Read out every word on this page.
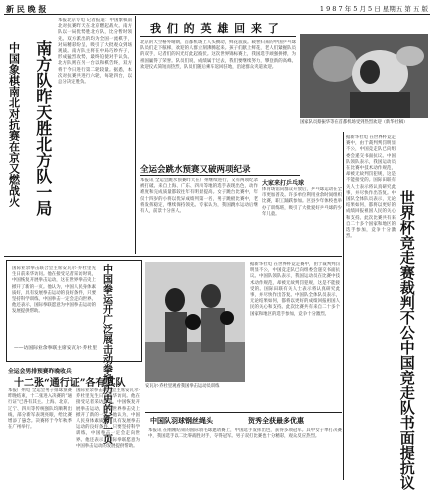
新 民 晚 报	1 9 8 7 年 5 月 5 日 星期五 第 五 版
南方队昨天胜北方队一局
中国象棋南北对抗赛在京又燃战火
本报北京专电 记者报道：中国象棋南北对抗赛昨天在北京燃起战火。南方队以一局优势胜北方队，比分暂时领先。双方派出的均为全国一流棋手，对局精彩纷呈，吸引了大批观众到场观战。南方队主将在中局巧妙弃子，形成猛烈攻势，最终迫使对手认负。北方队则在另一台以和棋告终，双方将于今日进行第二轮较量。据悉，本次对抗赛共进行六轮，每轮四台，以总分决定胜负。
我 们 的 英 雄 回 来 了
北京的天空格外晴朗，首都机场上人头攒动，鲜花簇簇。载誉归来的中国乒乓球队员们走下舷梯，欢迎的人群立刻沸腾起来。孩子们献上鲜花，老人们紧握队员的双手，记者们的闪光灯此起彼伏。这次世界锦标赛上，我国选手顽强拼搏，为祖国赢得了荣誉。队员们说，成绩属于过去，我们要继续努力，攀登新的高峰。欢迎仪式简短而热烈，队员们随后乘车返回驻地，沿途群众夹道欢迎。
国家队员蔡振华等在首都机场受到热烈欢迎（新华社稿）
全运会跳水预赛又破两项纪录
本报讯 全运会跳水预赛昨天在广州继续进行，又有两项纪录被打破。来自上海、广东、四川等地的选手表现出色，动作难度和完成质量都较往年有明显提高。女子跳台比赛中，年仅十四岁的小将以优异成绩列第一名，男子跳板比赛中，老将发挥稳定，继续保持领先。专家认为，我国跳水运动后继有人，前景十分喜人。
大家来打乒乓球
体育场馆向群众开放后，乒乓球运动在全市更加普及。许多单位利用业余时间组织比赛，职工踊跃参加。区县少年体校也举办了训练班，吸引了大批爱好乒乓球的少年儿童。	世界杯竞走赛裁判不公中国竞走队书面提抗议
据新华社电 在世界杯竞走赛中，由于裁判判罚明显不公，中国竞走队已向组委会递交书面抗议。中国队领队表示，我国运动员在比赛中技术动作规范，却被无故判罚犯规，这是不能接受的。国际田联有关人士表示将认真研究此事，并尽快作出答复。中国队全体队员表示，无论结果如何，都将以更好的成绩回报祖国人民的关心和支持。此次比赛共有来自二十多个国家和地区的选手参加，竞争十分激烈。
中国拳运开广泛展击动拳掀历史的新一页
——访国际业余拳联主席安瓦尔·乔杜里
国际业余拳击联合会主席安瓦尔·乔杜里先生日前来华访问。他在接受记者采访时说，中国恢复开展拳击运动，这在世界拳击史上掀开了新的一页。他认为，中国人民身体素质好，具有发展拳击运动的良好条件，只要坚持科学训练，中国拳击一定会走向世界。他还表示，国际拳联愿意为中国拳击运动的发展提供帮助。
安瓦尔·乔杜里观看我国拳击运动员训练
据新华社电 在世界杯竞走赛中，由于裁判判罚明显不公，中国竞走队已向组委会递交书面抗议。中国队领队表示，我国运动员在比赛中技术动作规范，却被无故判罚犯规，这是不能接受的。国际田联有关人士表示将认真研究此事，并尽快作出答复。中国队全体队员表示，无论结果如何，都将以更好的成绩回报祖国人民的关心和支持。此次比赛共有来自二十多个国家和地区的选手参加，竞争十分激烈。
全运会男排预赛昨晚收兵
十二张“通行证”各有其队
本报广州电 全运会男子排球预赛昨晚结束，十二张进入决赛的“通行证”已各有其主。上海、北京、辽宁、四川等传统强队均顺利出线，部分新军表现亮眼，给比赛增添了悬念。决赛将于今年秋季在广州举行。
国际业余拳击联合会主席安瓦尔·乔杜里先生日前来华访问。他在接受记者采访时说，中国恢复开展拳击运动，这在世界拳击史上掀开了新的一页。他认为，中国人民身体素质好，具有发展拳击运动的良好条件，只要坚持科学训练，中国拳击一定会走向世界。他还表示，国际拳联愿意为中国拳击运动的发展提供帮助。
中国队羽球钢丝绳头	贺秀全获最多优惠
本报讯 在刚刚结束的国际羽毛球邀请赛上，中国选手发挥出色，获得多项冠军。其中女子单打决赛中，我国选手以二比零战胜对手，夺得冠军。男子双打比赛也十分精彩，观众反应热烈。
